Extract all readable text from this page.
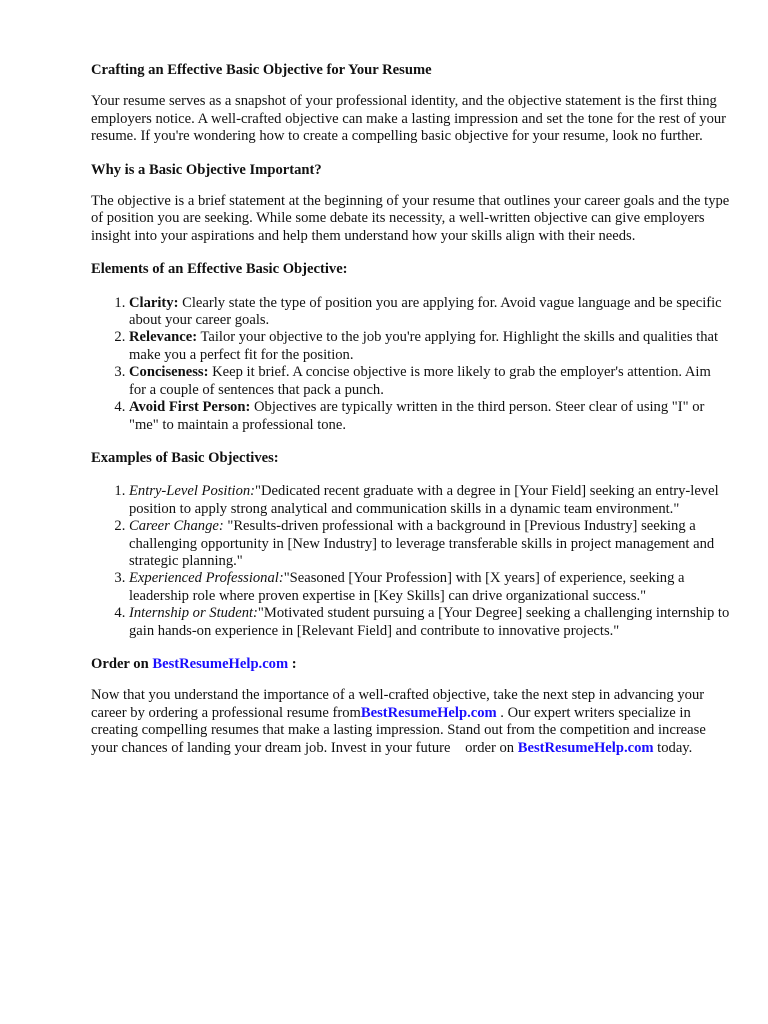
Crafting an Effective Basic Objective for Your Resume

Your resume serves as a snapshot of your professional identity, and the objective statement is the first thing employers notice. A well-crafted objective can make a lasting impression and set the tone for the rest of your resume. If you're wondering how to create a compelling basic objective for your resume, look no further.

Why is a Basic Objective Important?

The objective is a brief statement at the beginning of your resume that outlines your career goals and the type of position you are seeking. While some debate its necessity, a well-written objective can give employers insight into your aspirations and help them understand how your skills align with their needs.

Elements of an Effective Basic Objective:
1. Clarity: Clearly state the type of position you are applying for. Avoid vague language and be specific about your career goals.
2. Relevance: Tailor your objective to the job you're applying for. Highlight the skills and qualities that make you a perfect fit for the position.
3. Conciseness: Keep it brief. A concise objective is more likely to grab the employer's attention. Aim for a couple of sentences that pack a punch.
4. Avoid First Person: Objectives are typically written in the third person. Steer clear of using "I" or "me" to maintain a professional tone.
Examples of Basic Objectives:
1. Entry-Level Position:"Dedicated recent graduate with a degree in [Your Field] seeking an entry-level position to apply strong analytical and communication skills in a dynamic team environment."
2. Career Change: "Results-driven professional with a background in [Previous Industry] seeking a challenging opportunity in [New Industry] to leverage transferable skills in project management and strategic planning."
3. Experienced Professional:"Seasoned [Your Profession] with [X years] of experience, seeking a leadership role where proven expertise in [Key Skills] can drive organizational success."
4. Internship or Student:"Motivated student pursuing a [Your Degree] seeking a challenging internship to gain hands-on experience in [Relevant Field] and contribute to innovative projects."
Order on BestResumeHelp.com :

Now that you understand the importance of a well-crafted objective, take the next step in advancing your career by ordering a professional resume fromBestResumeHelp.com . Our expert writers specialize in creating compelling resumes that make a lasting impression. Stand out from the competition and increase your chances of landing your dream job. Invest in your future    order on BestResumeHelp.com today.
